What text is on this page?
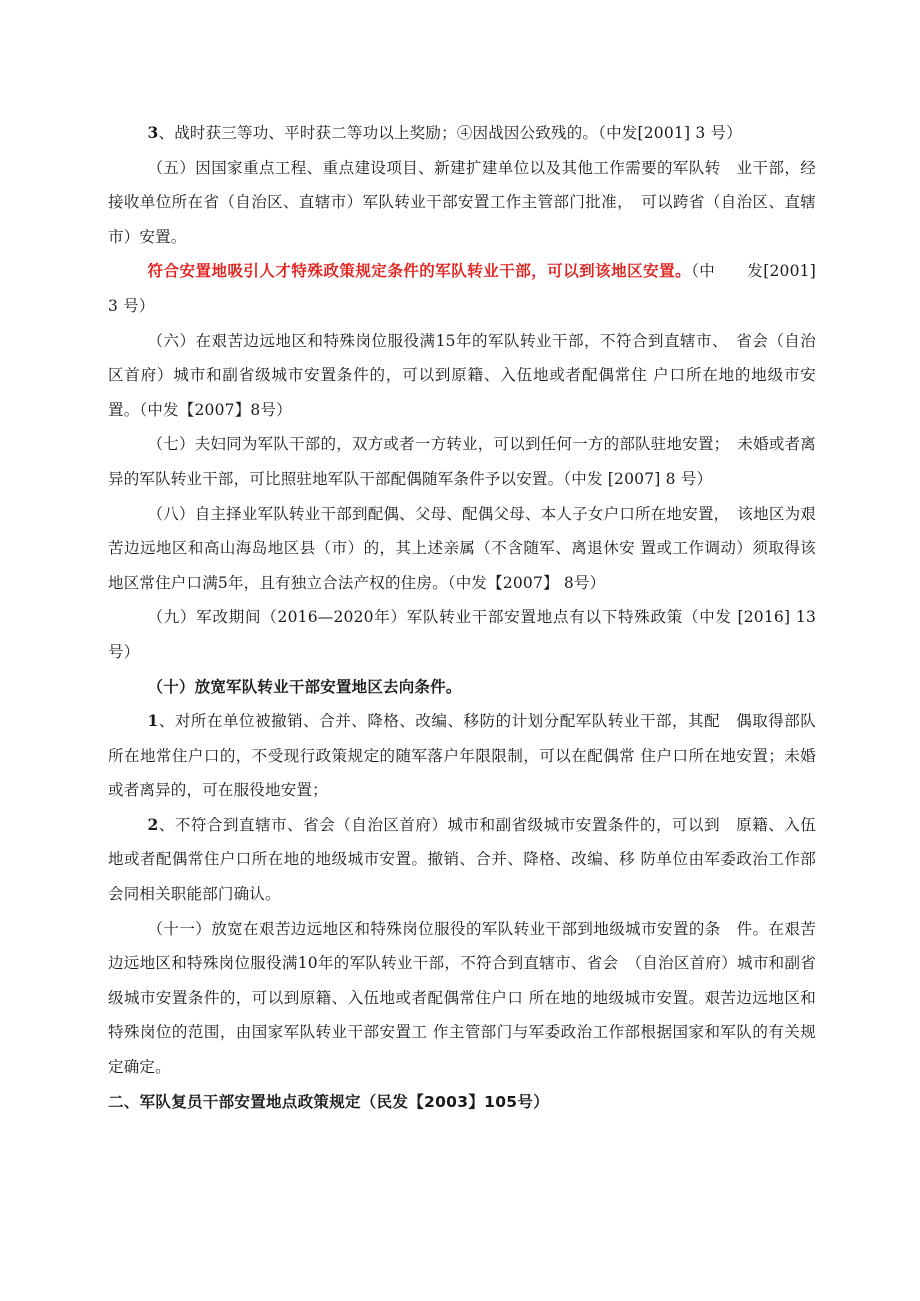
3、战时获三等功、平时获二等功以上奖励；④因战因公致残的。（中发[2001] 3 号）

（五）因国家重点工程、重点建设项目、新建扩建单位以及其他工作需要的军队转　业干部，经接收单位所在省（自治区、直辖市）军队转业干部安置工作主管部门批准，　可以跨省（自治区、直辖市）安置。

符合安置地吸引人才特殊政策规定条件的军队转业干部，可以到该地区安置。（中　　发[2001] 3 号）

（六）在艰苦边远地区和特殊岗位服役满15年的军队转业干部，不符合到直辖市、　省会（自治区首府）城市和副省级城市安置条件的，可以到原籍、入伍地或者配偶常住 户口所在地的地级市安置。（中发【2007】8号）

（七）夫妇同为军队干部的，双方或者一方转业，可以到任何一方的部队驻地安置；　未婚或者离异的军队转业干部，可比照驻地军队干部配偶随军条件予以安置。（中发 [2007] 8 号）

（八）自主择业军队转业干部到配偶、父母、配偶父母、本人子女户口所在地安置，　该地区为艰苦边远地区和高山海岛地区县（市）的，其上述亲属（不含随军、离退休安 置或工作调动）须取得该地区常住户口满5年，且有独立合法产权的住房。（中发【2007】 8号）

（九）军改期间（2016—2020年）军队转业干部安置地点有以下特殊政策（中发 [2016] 13 号）

（十）放宽军队转业干部安置地区去向条件。

1、对所在单位被撤销、合并、降格、改编、移防的计划分配军队转业干部，其配　偶取得部队所在地常住户口的，不受现行政策规定的随军落户年限限制，可以在配偶常 住户口所在地安置；未婚或者离异的，可在服役地安置；

2、不符合到直辖市、省会（自治区首府）城市和副省级城市安置条件的，可以到　原籍、入伍地或者配偶常住户口所在地的地级城市安置。撤销、合并、降格、改编、移 防单位由军委政治工作部会同相关职能部门确认。

（十一）放宽在艰苦边远地区和特殊岗位服役的军队转业干部到地级城市安置的条　件。在艰苦边远地区和特殊岗位服役满10年的军队转业干部，不符合到直辖市、省会　（自治区首府）城市和副省级城市安置条件的，可以到原籍、入伍地或者配偶常住户口 所在地的地级城市安置。艰苦边远地区和特殊岗位的范围，由国家军队转业干部安置工 作主管部门与军委政治工作部根据国家和军队的有关规定确定。

二、军队复员干部安置地点政策规定（民发【2003】105号）
